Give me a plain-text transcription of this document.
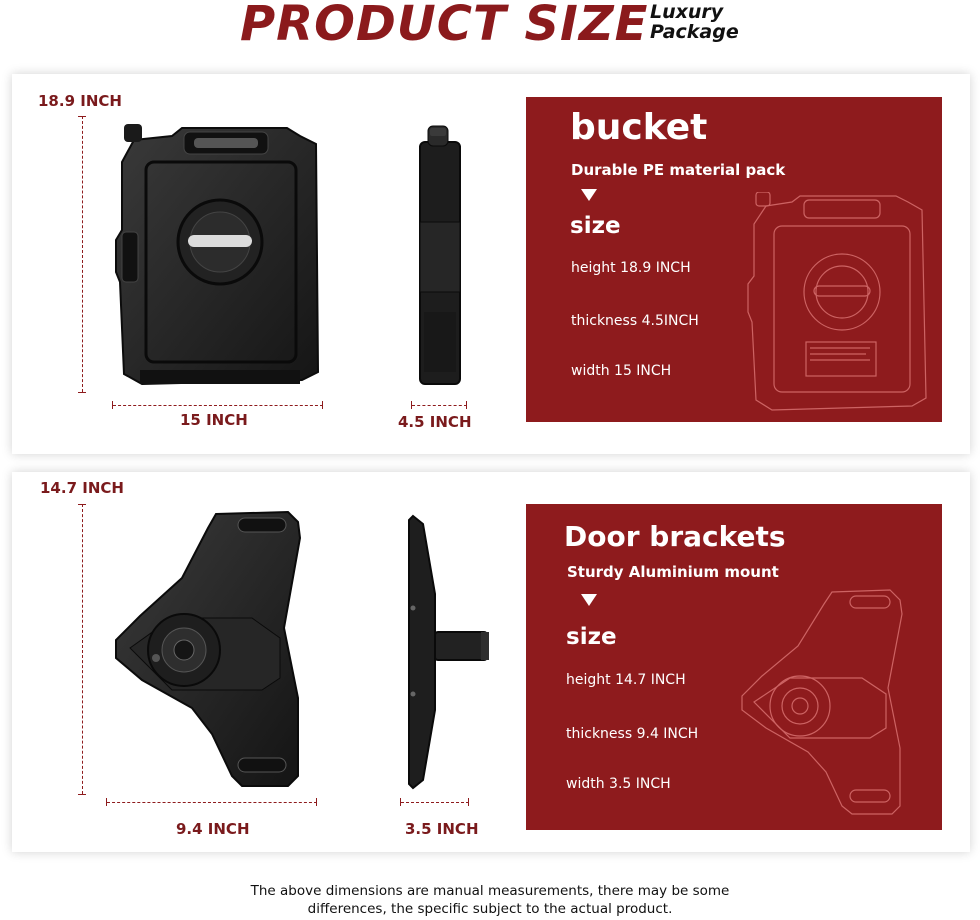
PRODUCT SIZE Luxury
Package
18.9 INCH
15 INCH	4.5 INCH
bucket
Durable PE material pack
size
height 18.9 INCH
thickness 4.5INCH
width 15 INCH
14.7 INCH
9.4 INCH	3.5 INCH
Door brackets
Sturdy Aluminium mount
size
height 14.7 INCH
thickness 9.4 INCH
width 3.5 INCH
The above dimensions are manual measurements, there may be some
differences, the specific subject to the actual product.
